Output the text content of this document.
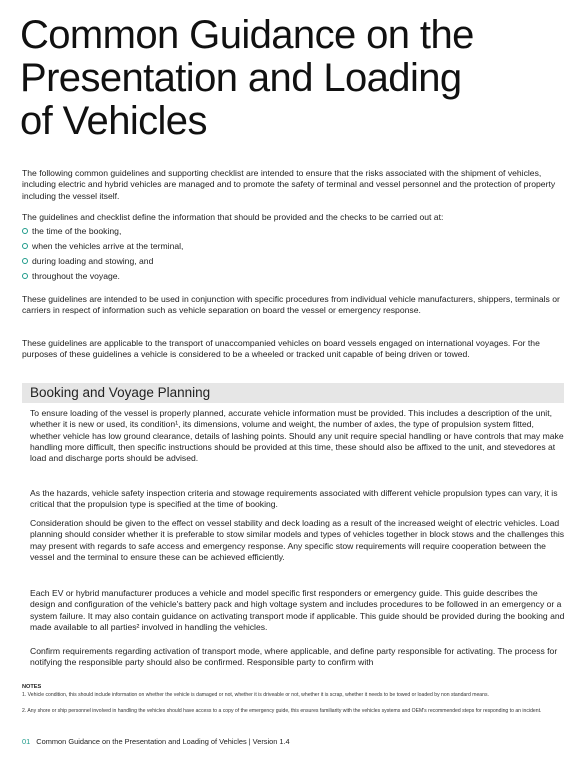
Common Guidance on the
Presentation and Loading
of Vehicles

The following common guidelines and supporting checklist are intended to ensure that the risks associated with the shipment of vehicles, including electric and hybrid vehicles are managed and to promote the safety of terminal and vessel personnel and the protection of property including the vessel itself.

The guidelines and checklist define the information that should be provided and the checks to be carried out at:

the time of the booking,
when the vehicles arrive at the terminal,
during loading and stowing, and
throughout the voyage.

These guidelines are intended to be used in conjunction with specific procedures from individual vehicle manufacturers, shippers, terminals or carriers in respect of information such as vehicle separation on board the vessel or emergency response.

These guidelines are applicable to the transport of unaccompanied vehicles on board vessels engaged on international voyages. For the purposes of these guidelines a vehicle is considered to be a wheeled or tracked unit capable of being driven or towed.

Booking and Voyage Planning

To ensure loading of the vessel is properly planned, accurate vehicle information must be provided. This includes a description of the unit, whether it is new or used, its condition¹, its dimensions, volume and weight, the number of axles, the type of propulsion system fitted, whether vehicle has low ground clearance, details of lashing points. Should any unit require special handling or have controls that may make handling more difficult, then specific instructions should be provided at this time, these should also be affixed to the unit, and stevedores at load and discharge ports should be advised.

As the hazards, vehicle safety inspection criteria and stowage requirements associated with different vehicle propulsion types can vary, it is critical that the propulsion type is specified at the time of booking.

Consideration should be given to the effect on vessel stability and deck loading as a result of the increased weight of electric vehicles. Load planning should consider whether it is preferable to stow similar models and types of vehicles together in block stows and the challenges this may present with regards to safe access and emergency response. Any specific stow requirements will require cooperation between the vessel and the terminal to ensure these can be achieved efficiently.

Each EV or hybrid manufacturer produces a vehicle and model specific first responders or emergency guide. This guide describes the design and configuration of the vehicle's battery pack and high voltage system and includes procedures to be followed in an emergency or a system failure. It may also contain guidance on activating transport mode if applicable. This guide should be provided during the booking and made available to all parties² involved in handling the vehicles.

Confirm requirements regarding activation of transport mode, where applicable, and define party responsible for activating. The process for notifying the responsible party should also be confirmed. Responsible party to confirm with

NOTES

1. Vehicle condition, this should include information on whether the vehicle is damaged or not, whether it is driveable or not, whether it is scrap, whether it needs to be towed or loaded by non standard means.

2. Any shore or ship personnel involved in handling the vehicles should have access to a copy of the emergency guide, this ensures familiarity with the vehicles systems and OEM's recommended steps for responding to an incident.

01 Common Guidance on the Presentation and Loading of Vehicles | Version 1.4
